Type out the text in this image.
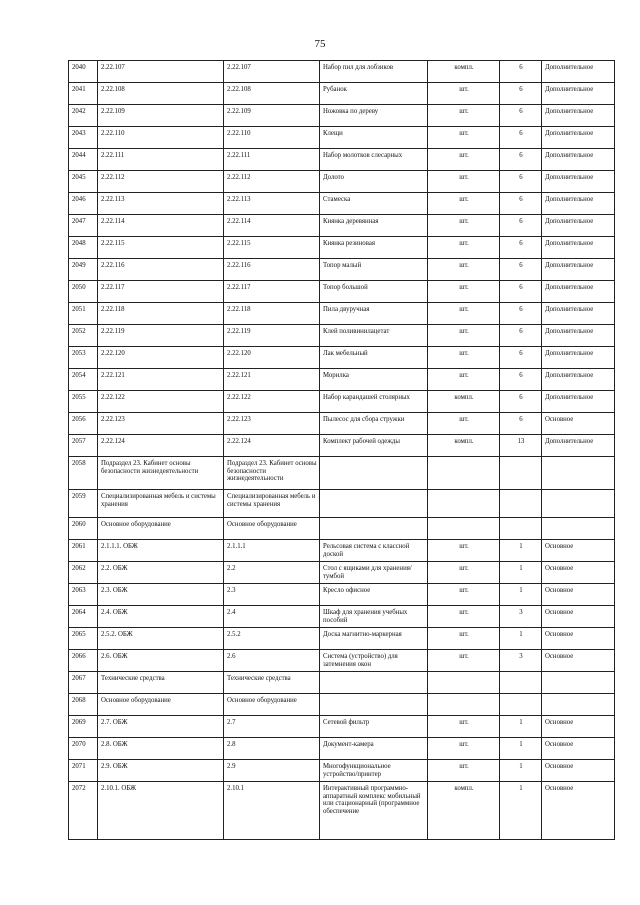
75
2040	2.22.107	2.22.107	Набор пил для лобзиков	компл.	6	Дополнительное
2041	2.22.108	2.22.108	Рубанок	шт.	6	Дополнительное
2042	2.22.109	2.22.109	Ножовка по дереву	шт.	6	Дополнительное
2043	2.22.110	2.22.110	Клещи	шт.	6	Дополнительное
2044	2.22.111	2.22.111	Набор молотков слесарных	шт.	6	Дополнительное
2045	2.22.112	2.22.112	Долото	шт.	6	Дополнительное
2046	2.22.113	2.22.113	Стамеска	шт.	6	Дополнительное
2047	2.22.114	2.22.114	Киянка деревянная	шт.	6	Дополнительное
2048	2.22.115	2.22.115	Киянка резиновая	шт.	6	Дополнительное
2049	2.22.116	2.22.116	Топор малый	шт.	6	Дополнительное
2050	2.22.117	2.22.117	Топор большой	шт.	6	Дополнительное
2051	2.22.118	2.22.118	Пила двуручная	шт.	6	Дополнительное
2052	2.22.119	2.22.119	Клей поливинилацетат	шт.	6	Дополнительное
2053	2.22.120	2.22.120	Лак мебельный	шт.	6	Дополнительное
2054	2.22.121	2.22.121	Морилка	шт.	6	Дополнительное
2055	2.22.122	2.22.122	Набор карандашей столярных	компл.	6	Дополнительное
2056	2.22.123	2.22.123	Пылесос для сбора стружки	шт.	6	Основное
2057	2.22.124	2.22.124	Комплект рабочей одежды	компл.	13	Дополнительное
2058	Подраздел 23. Кабинет основы безопасности жизнедеятельности	Подраздел 23. Кабинет основы безопасности жизнедеятельности				
2059	Специализированная мебель и системы хранения	Специализированная мебель и системы хранения				
2060	Основное оборудование	Основное оборудование				
2061	2.1.1.1. ОБЖ	2.1.1.1	Рельсовая система с классной доской	шт.	1	Основное
2062	2.2. ОБЖ	2.2	Стол с ящиками для хранения/тумбой	шт.	1	Основное
2063	2.3. ОБЖ	2.3	Кресло офисное	шт.	1	Основное
2064	2.4. ОБЖ	2.4	Шкаф для хранения учебных пособий	шт.	3	Основное
2065	2.5.2. ОБЖ	2.5.2	Доска магнитно-маркерная	шт.	1	Основное
2066	2.6. ОБЖ	2.6	Система (устройство) для затемнения окон	шт.	3	Основное
2067	Технические средства	Технические средства				
2068	Основное оборудование	Основное оборудование				
2069	2.7. ОБЖ	2.7	Сетевой фильтр	шт.	1	Основное
2070	2.8. ОБЖ	2.8	Документ-камера	шт.	1	Основное
2071	2.9. ОБЖ	2.9	Многофункциональное устройство/принтер	шт.	1	Основное
2072	2.10.1. ОБЖ	2.10.1	Интерактивный программно-аппаратный комплекс мобильный или стационарный (программное обеспечение	компл.	1	Основное
